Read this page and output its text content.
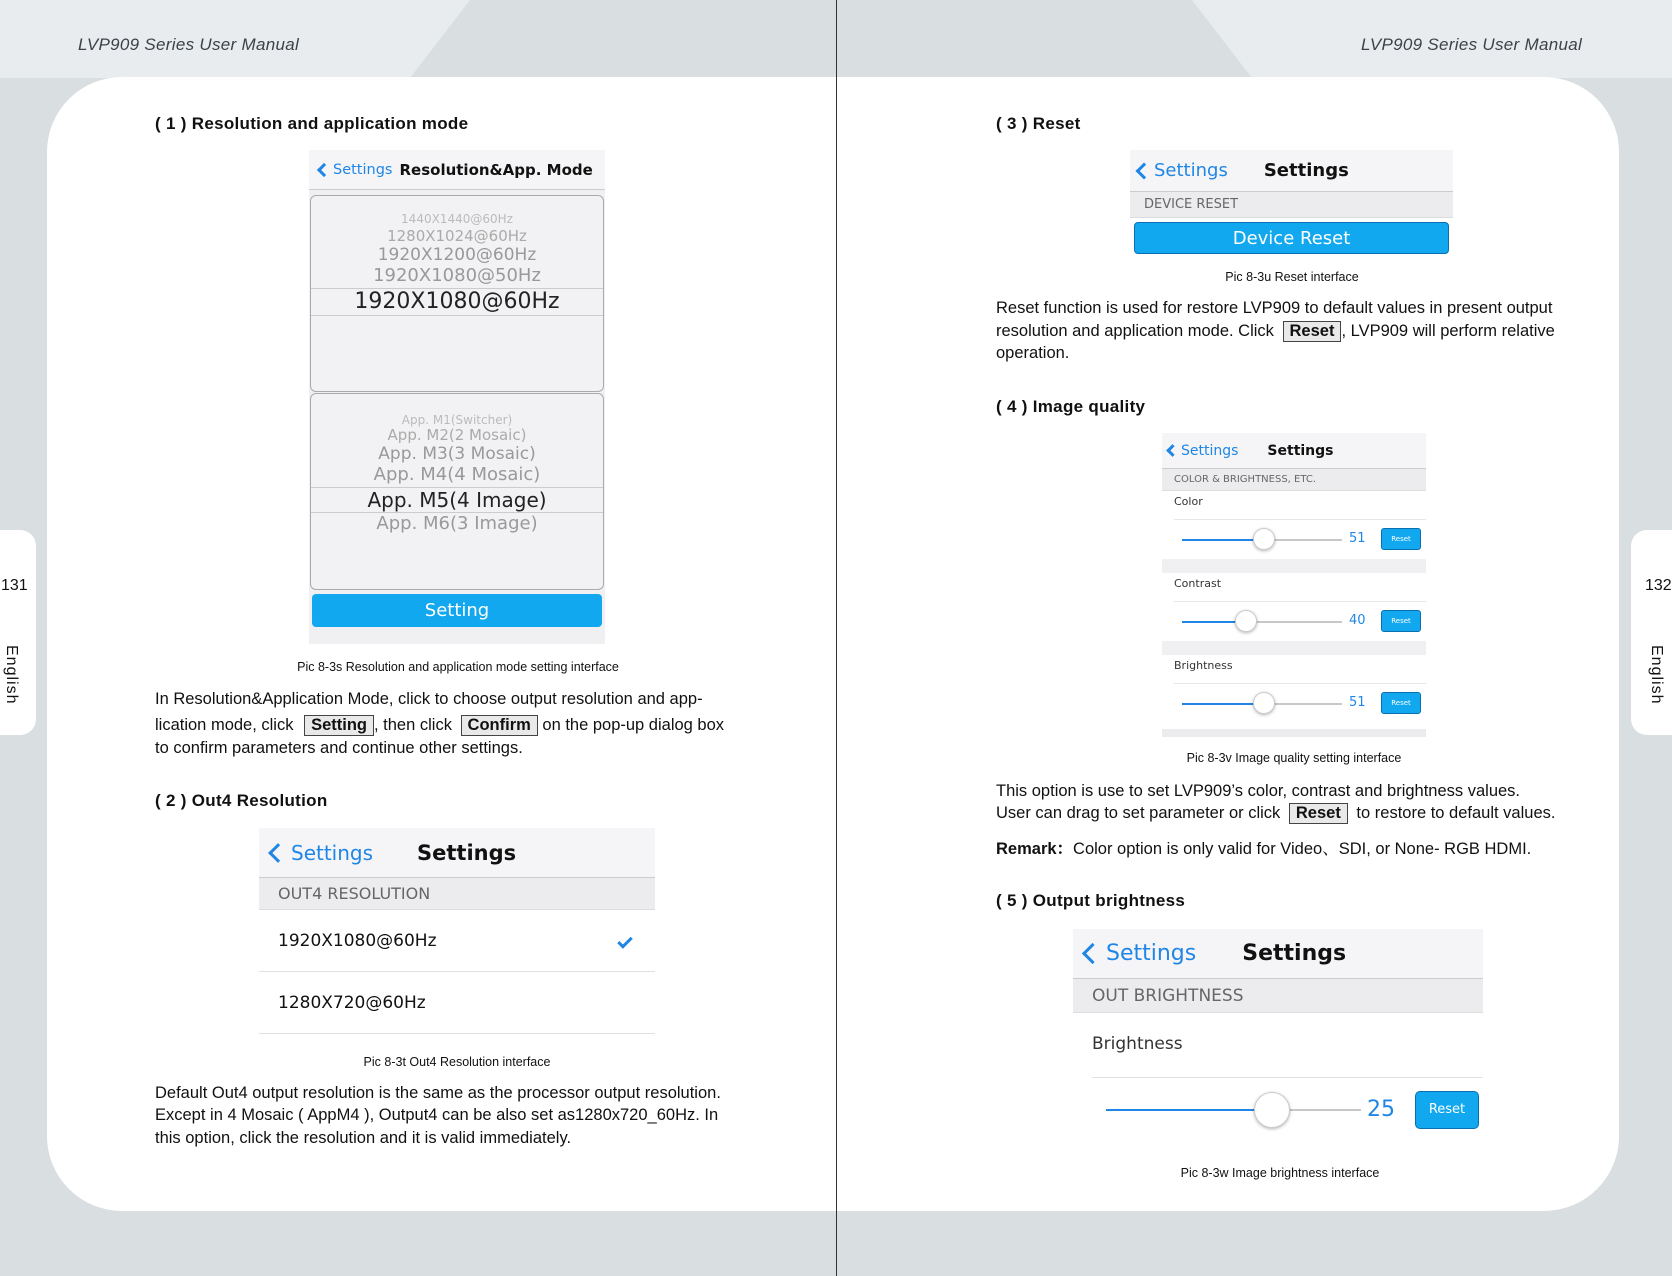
LVP909 Series User Manual
131
English
( 1 ) Resolution and application mode
Settings Resolution&App. Mode
1440X1440@60Hz
1280X1024@60Hz
1920X1200@60Hz
1920X1080@50Hz
1920X1080@60Hz
App. M1(Switcher)
App. M2(2 Mosaic)
App. M3(3 Mosaic)
App. M4(4 Mosaic)
App. M5(4 Image)
App. M6(3 Image)
Setting
Pic 8-3s Resolution and application mode setting interface
In Resolution&Application Mode, click to choose output resolution and app-
lication mode, click Setting , then click Confirm on the pop-up dialog box
to confirm parameters and continue other settings.
( 2 ) Out4 Resolution
Settings Settings
OUT4 RESOLUTION
1920X1080@60Hz
1280X720@60Hz
Pic 8-3t Out4 Resolution interface
Default Out4 output resolution is the same as the processor output resolution.
Except in 4 Mosaic ( AppM4 ), Output4 can be also set as1280x720_60Hz. In
this option, click the resolution and it is valid immediately.
LVP909 Series User Manual
132
English
( 3 ) Reset
Settings Settings
DEVICE RESET
Device Reset
Pic 8-3u Reset interface
Reset function is used for restore LVP909 to default values in present output
resolution and application mode. Click Reset , LVP909 will perform relative
operation.
( 4 ) Image quality
Settings Settings
COLOR & BRIGHTNESS, ETC.
Color
51	Reset
Contrast
40	Reset
Brightness
51	Reset
Pic 8-3v Image quality setting interface
This option is use to set LVP909’s color, contrast and brightness values.
User can drag to set parameter or click Reset to restore to default values.
Remark：Color option is only valid for Video、SDI, or None- RGB HDMI.
( 5 ) Output brightness
Settings Settings
OUT BRIGHTNESS
Brightness
25	Reset
Pic 8-3w Image brightness interface
